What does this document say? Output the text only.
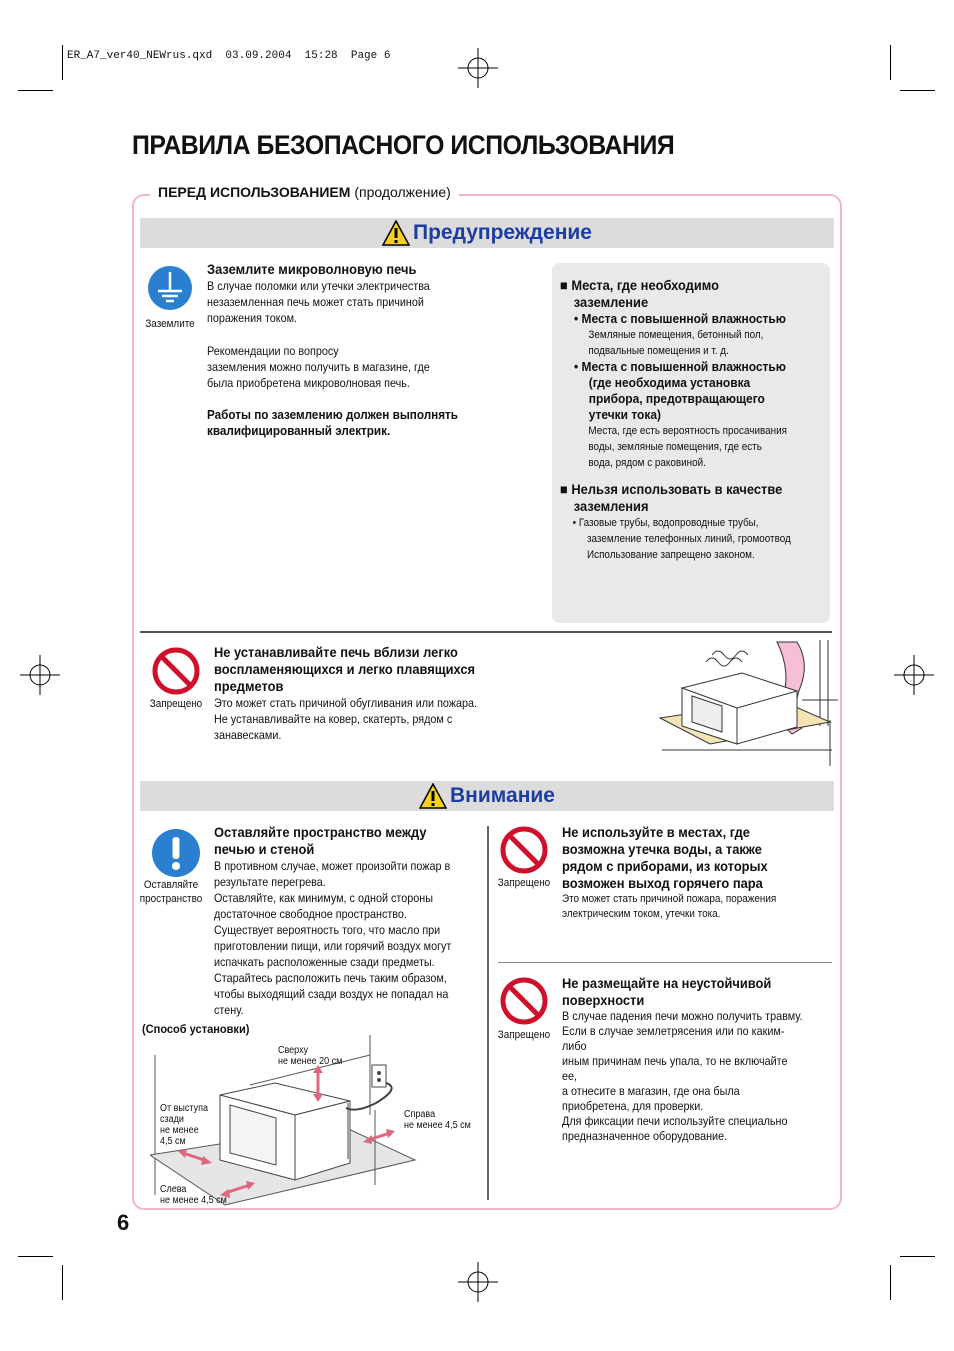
ER_A7_ver40_NEWrus.qxd  03.09.2004  15:28  Page 6
ПРАВИЛА БЕЗОПАСНОГО ИСПОЛЬЗОВАНИЯ
ПЕРЕД ИСПОЛЬЗОВАНИЕМ (продолжение)
Предупреждение
Заземлите
Заземлите микроволновую печь
В случае поломки или утечки электричества
незаземленная печь может стать причиной
поражения током.
Рекомендации по вопросу
заземления можно получить в магазине, где
была приобретена микроволновая печь.
Работы по заземлению должен выполнять
квалифицированный электрик.
■ Места, где необходимо
заземление
• Места с повышенной влажностью
Земляные помещения, бетонный пол,
подвальные помещения и т. д.
• Места с повышенной влажностью
(где необходима установка
прибора, предотвращающего
утечки тока)
Места, где есть вероятность просачивания
воды, земляные помещения, где есть
вода, рядом с раковиной.
■ Нельзя использовать в качестве
заземления
• Газовые трубы, водопроводные трубы,
заземление телефонных линий, громоотвод
Использование запрещено законом.
Запрещено
Не устанавливайте печь вблизи легко
воспламеняющихся и легко плавящихся
предметов
Это может стать причиной обугливания или пожара.
Не устанавливайте на ковер, скатерть, рядом с
занавесками.
Внимание
Оставляйте
пространство
Оставляйте пространство между
печью и стеной
В противном случае, может произойти пожар в
результате перегрева.
Оставляйте, как минимум, с одной стороны
достаточное свободное пространство.
Существует вероятность того, что масло при
приготовлении пищи, или горячий воздух могут
испачкать расположенные сзади предметы.
Старайтесь расположить печь таким образом,
чтобы выходящий сзади воздух не попадал на
стену.
(Способ установки)
Сверху
не менее 20 см
Справа
не менее 4,5 см
От выступа
сзади
не менее
4,5 см
Слева
не менее 4,5 см
Запрещено
Не используйте в местах, где
возможна утечка воды, а также
рядом с приборами, из которых
возможен выход горячего пара
Это может стать причиной пожара, поражения
электрическим током, утечки тока.
Запрещено
Не размещайте на неустойчивой
поверхности
В случае падения печи можно получить травму.
Если в случае землетрясения или по каким-либо
иным причинам печь упала, то не включайте ее,
а отнесите в магазин, где она была
приобретена, для проверки.
Для фиксации печи используйте специально
предназначенное оборудование.
6
